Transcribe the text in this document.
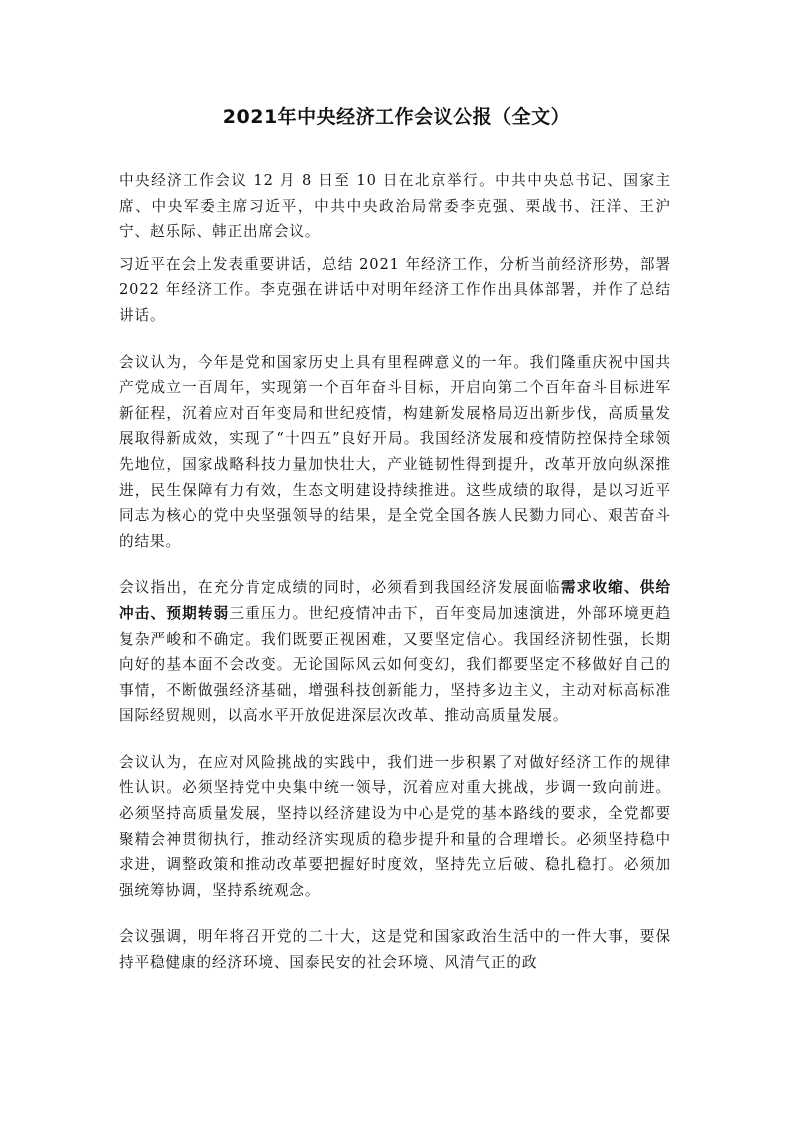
2021年中央经济工作会议公报（全文）

中央经济工作会议 12 月 8 日至 10 日在北京举行。中共中央总书记、国家主席、中央军委主席习近平，中共中央政治局常委李克强、栗战书、汪洋、王沪宁、赵乐际、韩正出席会议。

习近平在会上发表重要讲话，总结 2021 年经济工作，分析当前经济形势，部署 2022 年经济工作。李克强在讲话中对明年经济工作作出具体部署，并作了总结讲话。

会议认为，今年是党和国家历史上具有里程碑意义的一年。我们隆重庆祝中国共产党成立一百周年，实现第一个百年奋斗目标，开启向第二个百年奋斗目标进军新征程，沉着应对百年变局和世纪疫情，构建新发展格局迈出新步伐，高质量发展取得新成效，实现了“十四五”良好开局。我国经济发展和疫情防控保持全球领先地位，国家战略科技力量加快壮大，产业链韧性得到提升，改革开放向纵深推进，民生保障有力有效，生态文明建设持续推进。这些成绩的取得，是以习近平同志为核心的党中央坚强领导的结果，是全党全国各族人民勠力同心、艰苦奋斗的结果。

会议指出，在充分肯定成绩的同时，必须看到我国经济发展面临需求收缩、供给冲击、预期转弱三重压力。世纪疫情冲击下，百年变局加速演进，外部环境更趋复杂严峻和不确定。我们既要正视困难，又要坚定信心。我国经济韧性强，长期向好的基本面不会改变。无论国际风云如何变幻，我们都要坚定不移做好自己的事情，不断做强经济基础，增强科技创新能力，坚持多边主义，主动对标高标准国际经贸规则，以高水平开放促进深层次改革、推动高质量发展。

会议认为，在应对风险挑战的实践中，我们进一步积累了对做好经济工作的规律性认识。必须坚持党中央集中统一领导，沉着应对重大挑战，步调一致向前进。必须坚持高质量发展，坚持以经济建设为中心是党的基本路线的要求，全党都要聚精会神贯彻执行，推动经济实现质的稳步提升和量的合理增长。必须坚持稳中求进，调整政策和推动改革要把握好时度效，坚持先立后破、稳扎稳打。必须加强统筹协调，坚持系统观念。

会议强调，明年将召开党的二十大，这是党和国家政治生活中的一件大事，要保持平稳健康的经济环境、国泰民安的社会环境、风清气正的政
